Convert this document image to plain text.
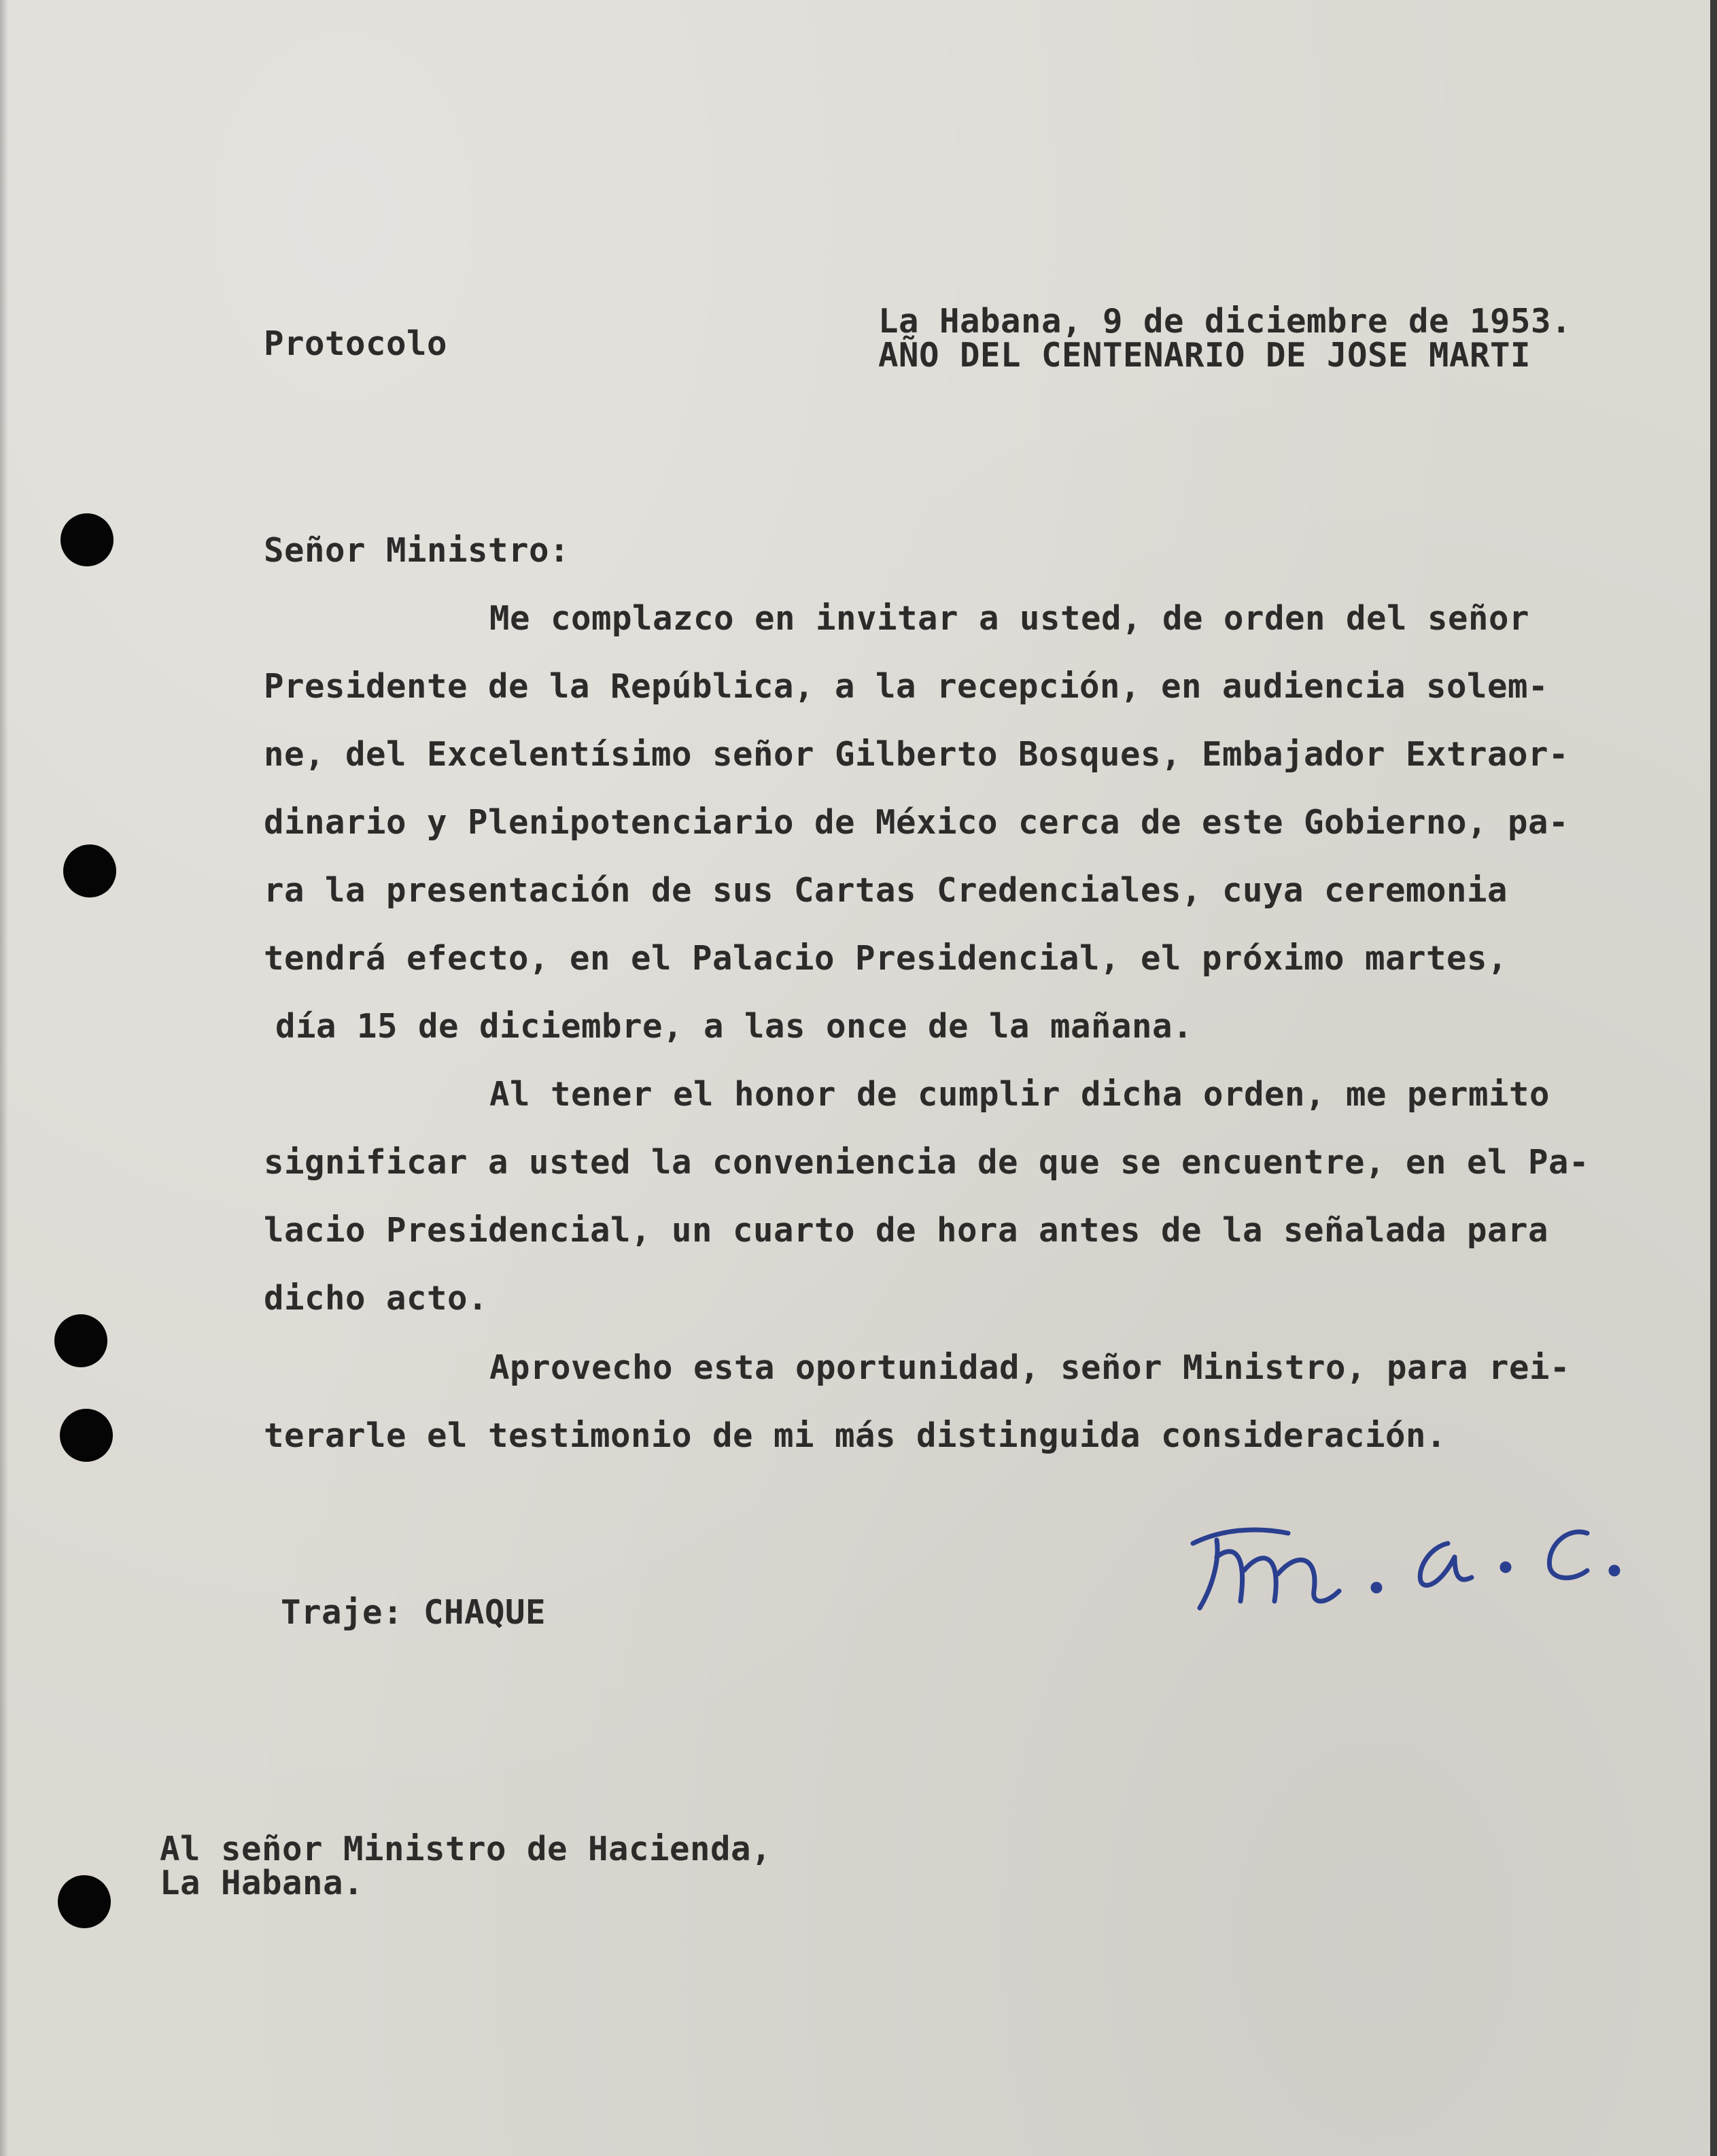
Protocolo
La Habana, 9 de diciembre de 1953.
AÑO DEL CENTENARIO DE JOSE MARTI
Señor Ministro:
Me complazco en invitar a usted, de orden del señor
Presidente de la República, a la recepción, en audiencia solem-
ne, del Excelentísimo señor Gilberto Bosques, Embajador Extraor-
dinario y Plenipotenciario de México cerca de este Gobierno, pa-
ra la presentación de sus Cartas Credenciales, cuya ceremonia
tendrá efecto, en el Palacio Presidencial, el próximo martes,
día 15 de diciembre, a las once de la mañana.
Al tener el honor de cumplir dicha orden, me permito
significar a usted la conveniencia de que se encuentre, en el Pa-
lacio Presidencial, un cuarto de hora antes de la señalada para
dicho acto.
Aprovecho esta oportunidad, señor Ministro, para rei-
terarle el testimonio de mi más distinguida consideración.
Traje: CHAQUE
Al señor Ministro de Hacienda,
La Habana.
